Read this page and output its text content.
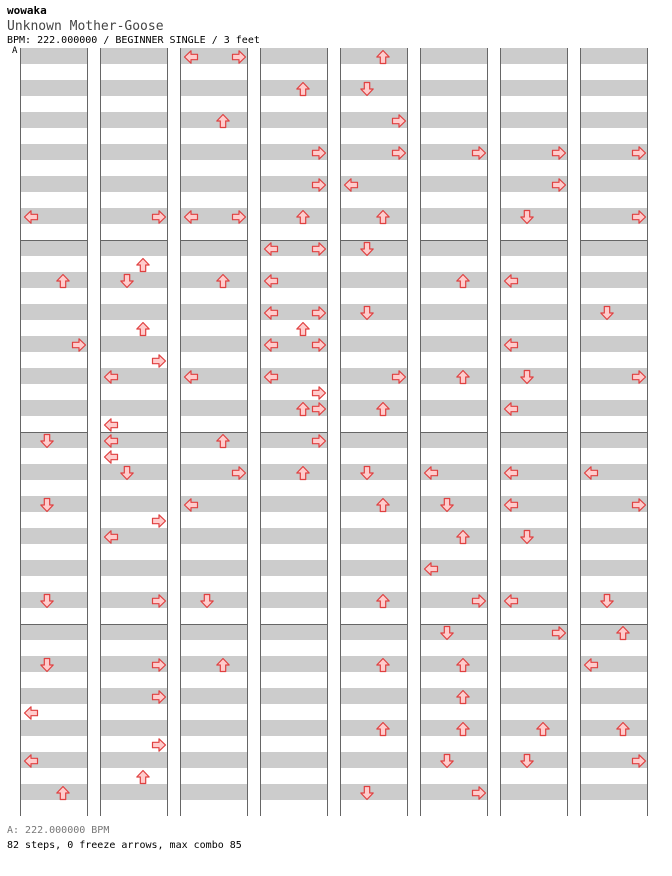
wowaka
Unknown Mother-Goose
BPM: 222.000000 / BEGINNER SINGLE / 3 feet
A
A: 222.000000 BPM
82 steps, 0 freeze arrows, max combo 85
